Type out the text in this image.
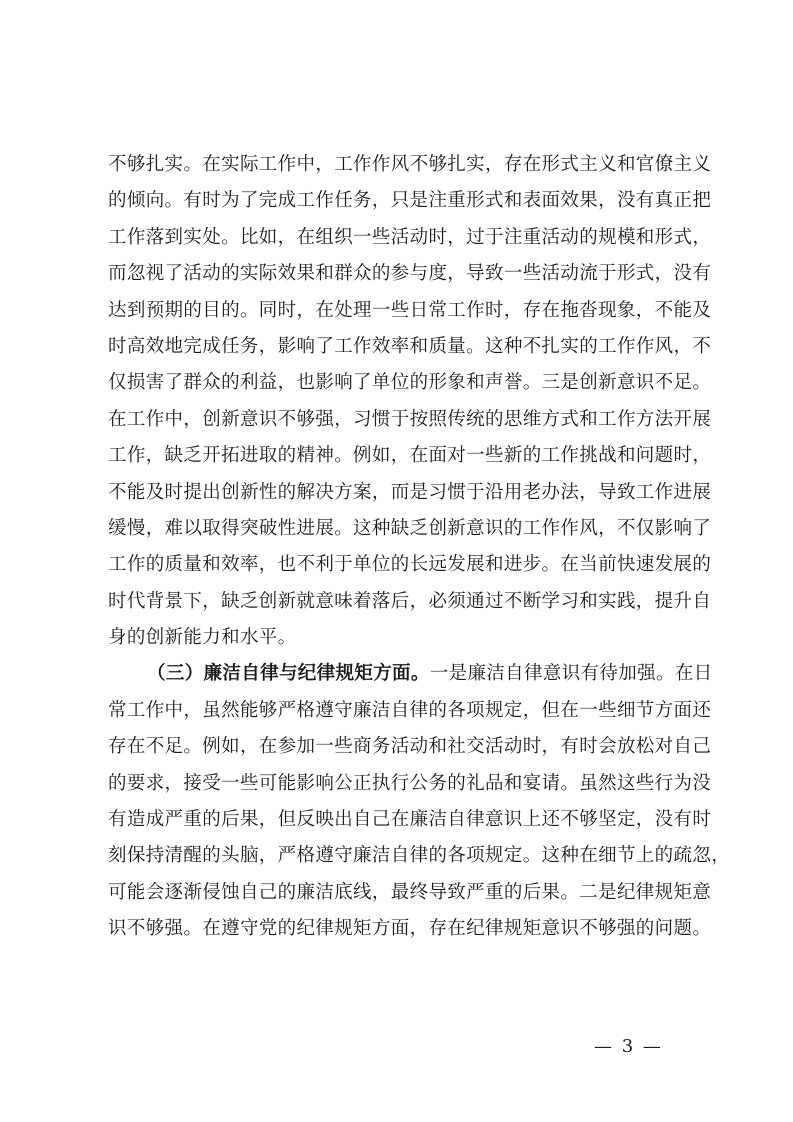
不够扎实。在实际工作中，工作作风不够扎实，存在形式主义和官僚主义
的倾向。有时为了完成工作任务，只是注重形式和表面效果，没有真正把
工作落到实处。比如，在组织一些活动时，过于注重活动的规模和形式，
而忽视了活动的实际效果和群众的参与度，导致一些活动流于形式，没有
达到预期的目的。同时，在处理一些日常工作时，存在拖沓现象，不能及
时高效地完成任务，影响了工作效率和质量。这种不扎实的工作作风，不
仅损害了群众的利益，也影响了单位的形象和声誉。三是创新意识不足。
在工作中，创新意识不够强，习惯于按照传统的思维方式和工作方法开展
工作，缺乏开拓进取的精神。例如，在面对一些新的工作挑战和问题时，
不能及时提出创新性的解决方案，而是习惯于沿用老办法，导致工作进展
缓慢，难以取得突破性进展。这种缺乏创新意识的工作作风，不仅影响了
工作的质量和效率，也不利于单位的长远发展和进步。在当前快速发展的
时代背景下，缺乏创新就意味着落后，必须通过不断学习和实践，提升自
身的创新能力和水平。
（三）廉洁自律与纪律规矩方面。一是廉洁自律意识有待加强。在日
常工作中，虽然能够严格遵守廉洁自律的各项规定，但在一些细节方面还
存在不足。例如，在参加一些商务活动和社交活动时，有时会放松对自己
的要求，接受一些可能影响公正执行公务的礼品和宴请。虽然这些行为没
有造成严重的后果，但反映出自己在廉洁自律意识上还不够坚定，没有时
刻保持清醒的头脑，严格遵守廉洁自律的各项规定。这种在细节上的疏忽，
可能会逐渐侵蚀自己的廉洁底线，最终导致严重的后果。二是纪律规矩意
识不够强。在遵守党的纪律规矩方面，存在纪律规矩意识不够强的问题。
— 3 —
